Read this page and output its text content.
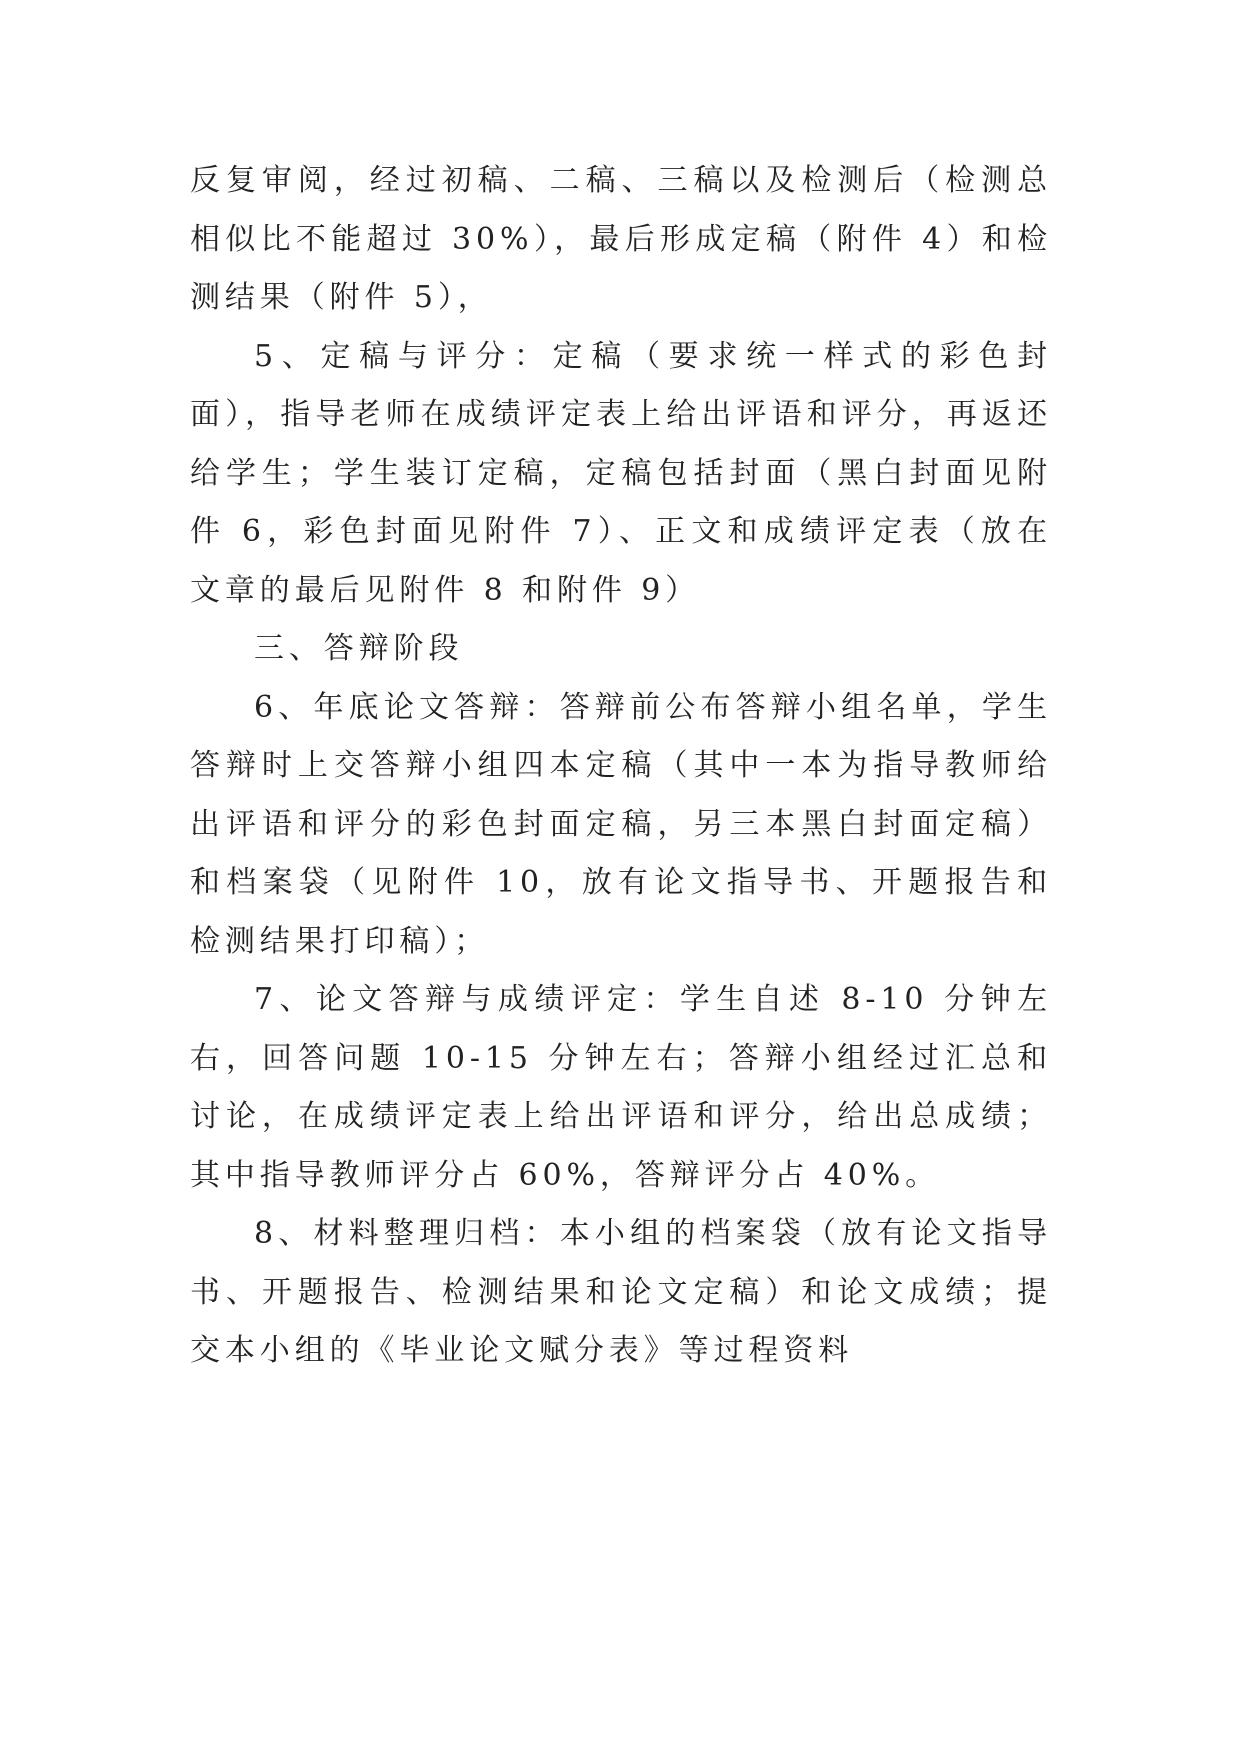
反复审阅，经过初稿、二稿、三稿以及检测后（检测总相似比不能超过 30%），最后形成定稿（附件 4）和检测结果（附件 5），

5、定稿与评分：定稿（要求统一样式的彩色封面），指导老师在成绩评定表上给出评语和评分，再返还给学生；学生装订定稿，定稿包括封面（黑白封面见附件 6，彩色封面见附件 7）、正文和成绩评定表（放在文章的最后见附件 8 和附件 9）

三、答辩阶段

6、年底论文答辩：答辩前公布答辩小组名单，学生答辩时上交答辩小组四本定稿（其中一本为指导教师给出评语和评分的彩色封面定稿，另三本黑白封面定稿）和档案袋（见附件 10，放有论文指导书、开题报告和检测结果打印稿）；

7、论文答辩与成绩评定：学生自述 8-10 分钟左右，回答问题 10-15 分钟左右；答辩小组经过汇总和讨论，在成绩评定表上给出评语和评分，给出总成绩；其中指导教师评分占 60%，答辩评分占 40%。

8、材料整理归档：本小组的档案袋（放有论文指导书、开题报告、检测结果和论文定稿）和论文成绩；提交本小组的《毕业论文赋分表》等过程资料
